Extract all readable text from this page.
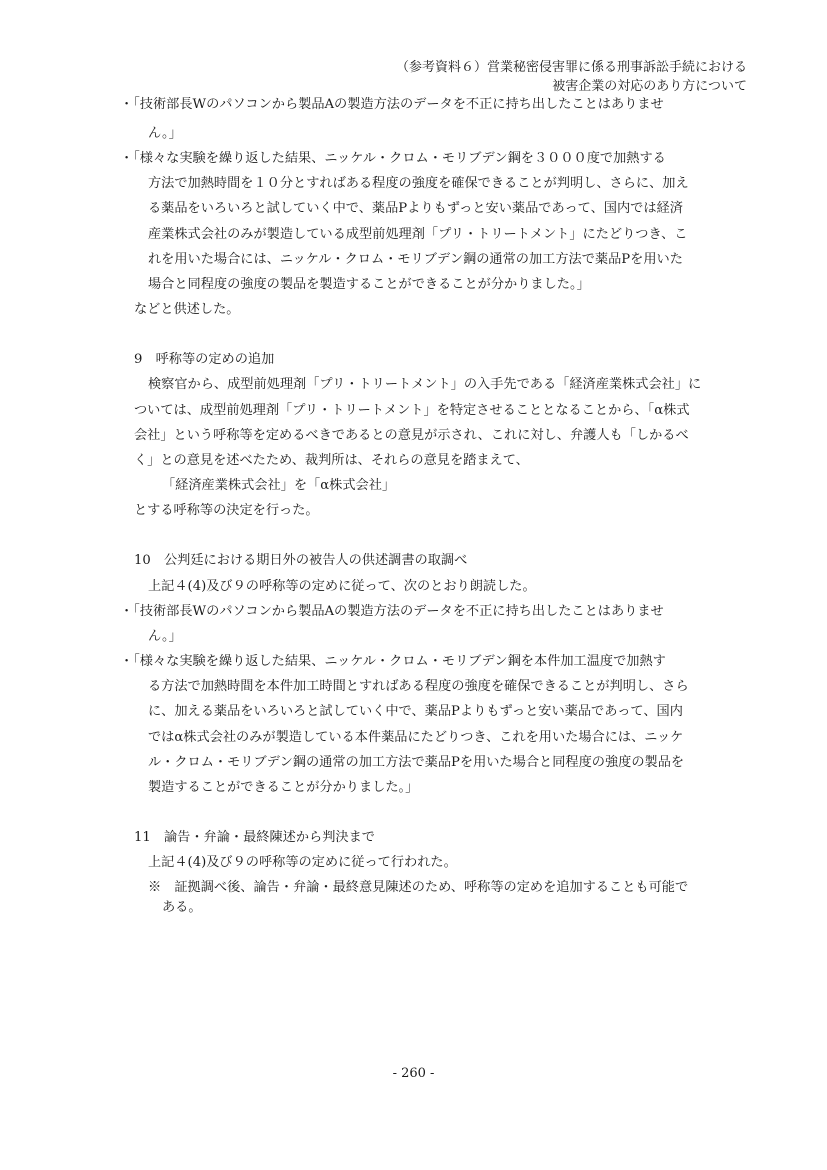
（参考資料６）営業秘密侵害罪に係る刑事訴訟手続における
被害企業の対応のあり方について
・「技術部長Wのパソコンから製品Aの製造方法のデータを不正に持ち出したことはありませ
ん。」
・「様々な実験を繰り返した結果、ニッケル・クロム・モリブデン鋼を３０００度で加熱する
方法で加熱時間を１０分とすればある程度の強度を確保できることが判明し、さらに、加え
る薬品をいろいろと試していく中で、薬品Pよりもずっと安い薬品であって、国内では経済
産業株式会社のみが製造している成型前処理剤「プリ・トリートメント」にたどりつき、こ
れを用いた場合には、ニッケル・クロム・モリブデン鋼の通常の加工方法で薬品Pを用いた
場合と同程度の強度の製品を製造することができることが分かりました。」
などと供述した。
9　呼称等の定めの追加
検察官から、成型前処理剤「プリ・トリートメント」の入手先である「経済産業株式会社」に
ついては、成型前処理剤「プリ・トリートメント」を特定させることとなることから、「α株式
会社」という呼称等を定めるべきであるとの意見が示され、これに対し、弁護人も「しかるべ
く」との意見を述べたため、裁判所は、それらの意見を踏まえて、
「経済産業株式会社」を「α株式会社」
とする呼称等の決定を行った。
10　公判廷における期日外の被告人の供述調書の取調べ
上記４(4)及び９の呼称等の定めに従って、次のとおり朗読した。
・「技術部長Wのパソコンから製品Aの製造方法のデータを不正に持ち出したことはありませ
ん。」
・「様々な実験を繰り返した結果、ニッケル・クロム・モリブデン鋼を本件加工温度で加熱す
る方法で加熱時間を本件加工時間とすればある程度の強度を確保できることが判明し、さら
に、加える薬品をいろいろと試していく中で、薬品Pよりもずっと安い薬品であって、国内
ではα株式会社のみが製造している本件薬品にたどりつき、これを用いた場合には、ニッケ
ル・クロム・モリブデン鋼の通常の加工方法で薬品Pを用いた場合と同程度の強度の製品を
製造することができることが分かりました。」
11　論告・弁論・最終陳述から判決まで
上記４(4)及び９の呼称等の定めに従って行われた。
※　証拠調べ後、論告・弁論・最終意見陳述のため、呼称等の定めを追加することも可能で
ある。
- 260 -
